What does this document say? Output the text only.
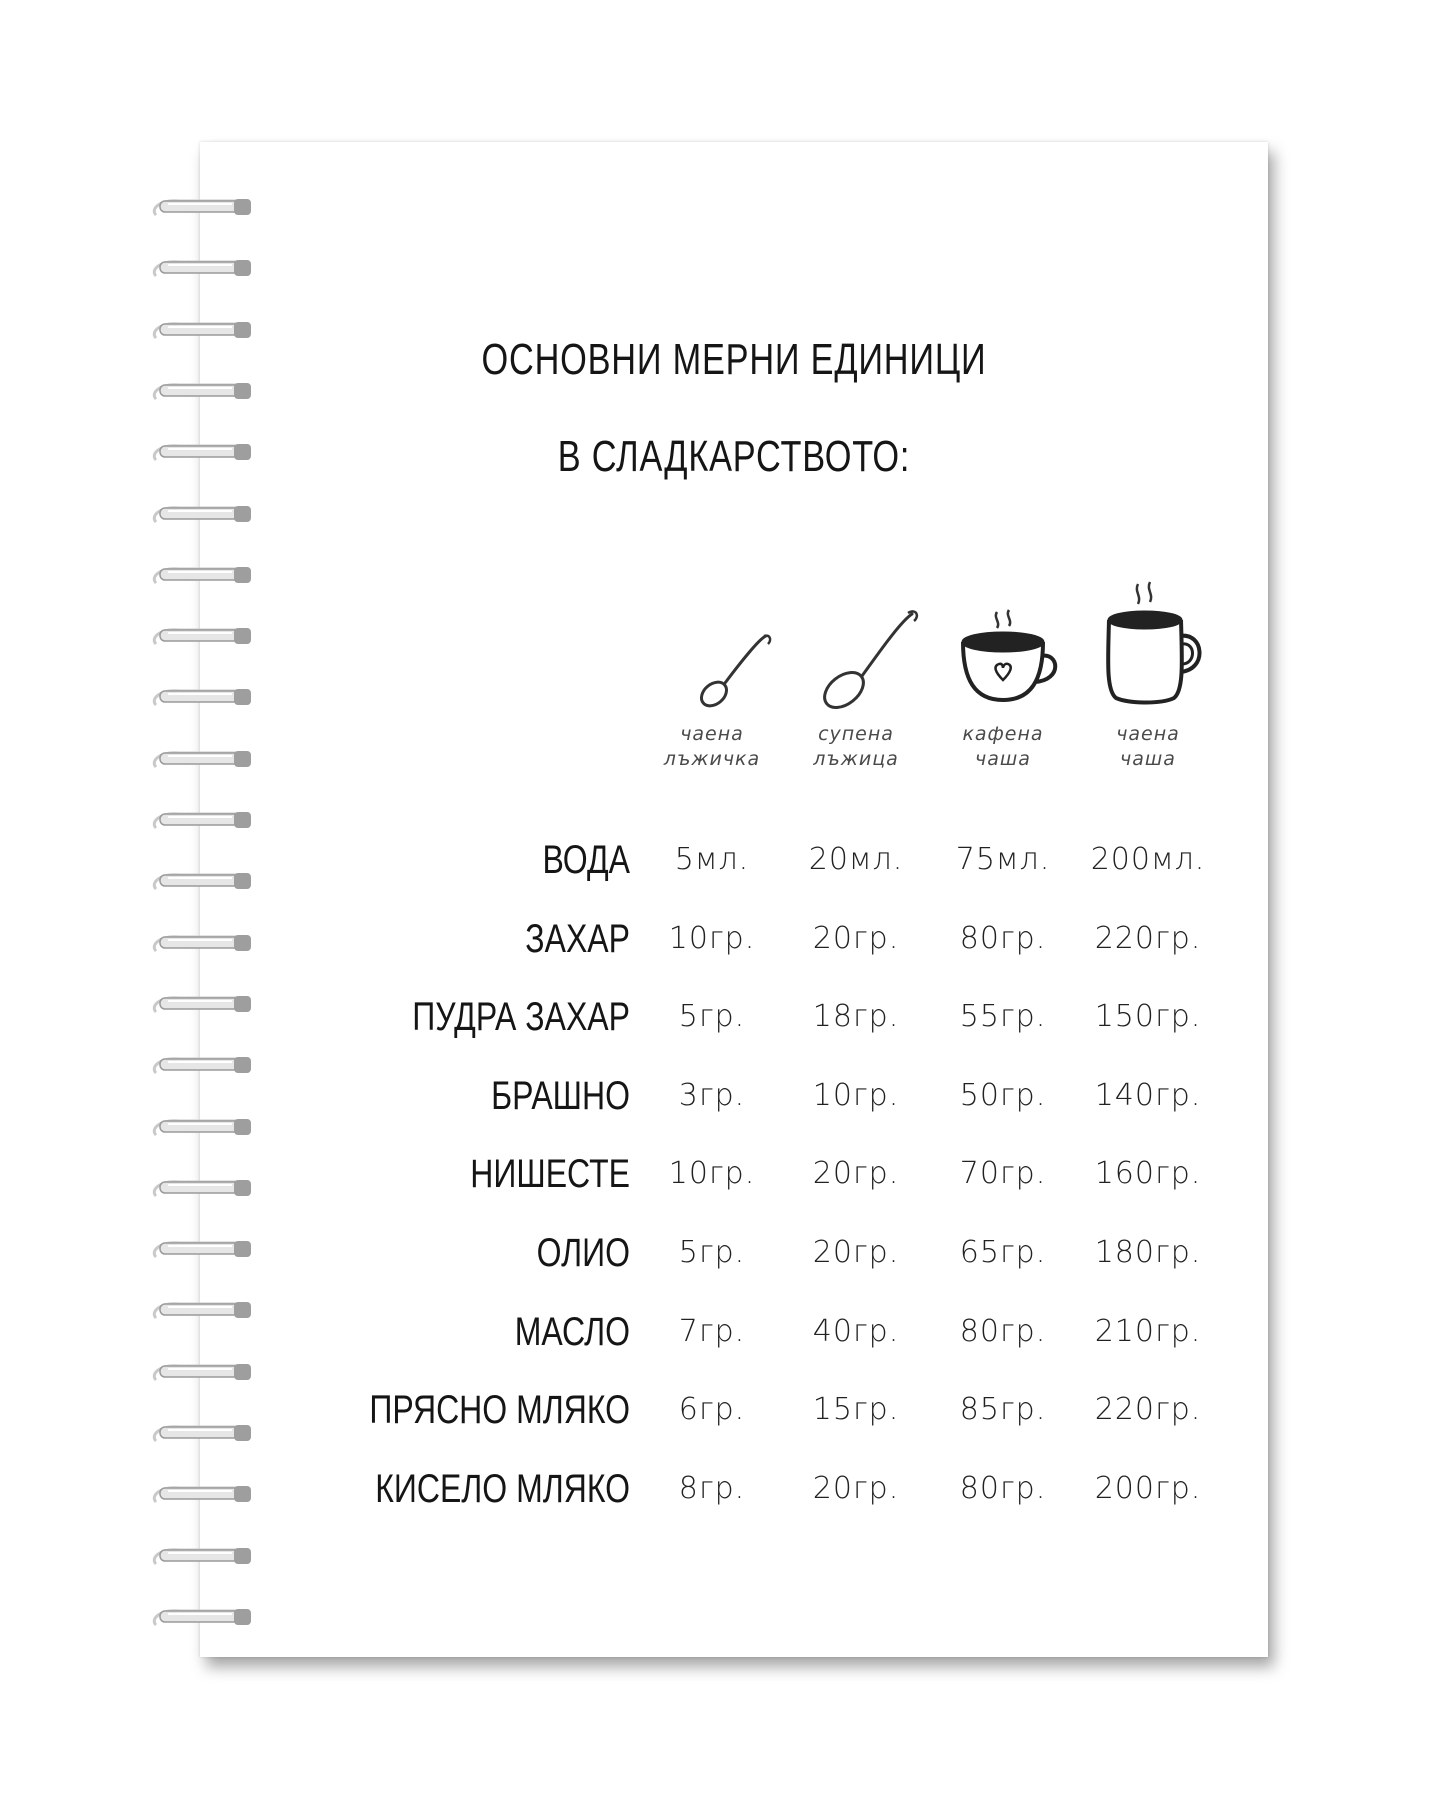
ОСНОВНИ МЕРНИ ЕДИНИЦИ
В СЛАДКАРСТВОТО:
чаена
лъжичка
супена
лъжица
кафена
чаша
чаена
чаша
ВОДА	5мл.	20мл.	75мл.	200мл.
ЗАХАР	10гр.	20гр.	80гр.	220гр.
ПУДРА ЗАХАР	5гр.	18гр.	55гр.	150гр.
БРАШНО	3гр.	10гр.	50гр.	140гр.
НИШЕСТЕ	10гр.	20гр.	70гр.	160гр.
ОЛИО	5гр.	20гр.	65гр.	180гр.
МАСЛО	7гр.	40гр.	80гр.	210гр.
ПРЯСНО МЛЯКО	6гр.	15гр.	85гр.	220гр.
КИСЕЛО МЛЯКО	8гр.	20гр.	80гр.	200гр.
